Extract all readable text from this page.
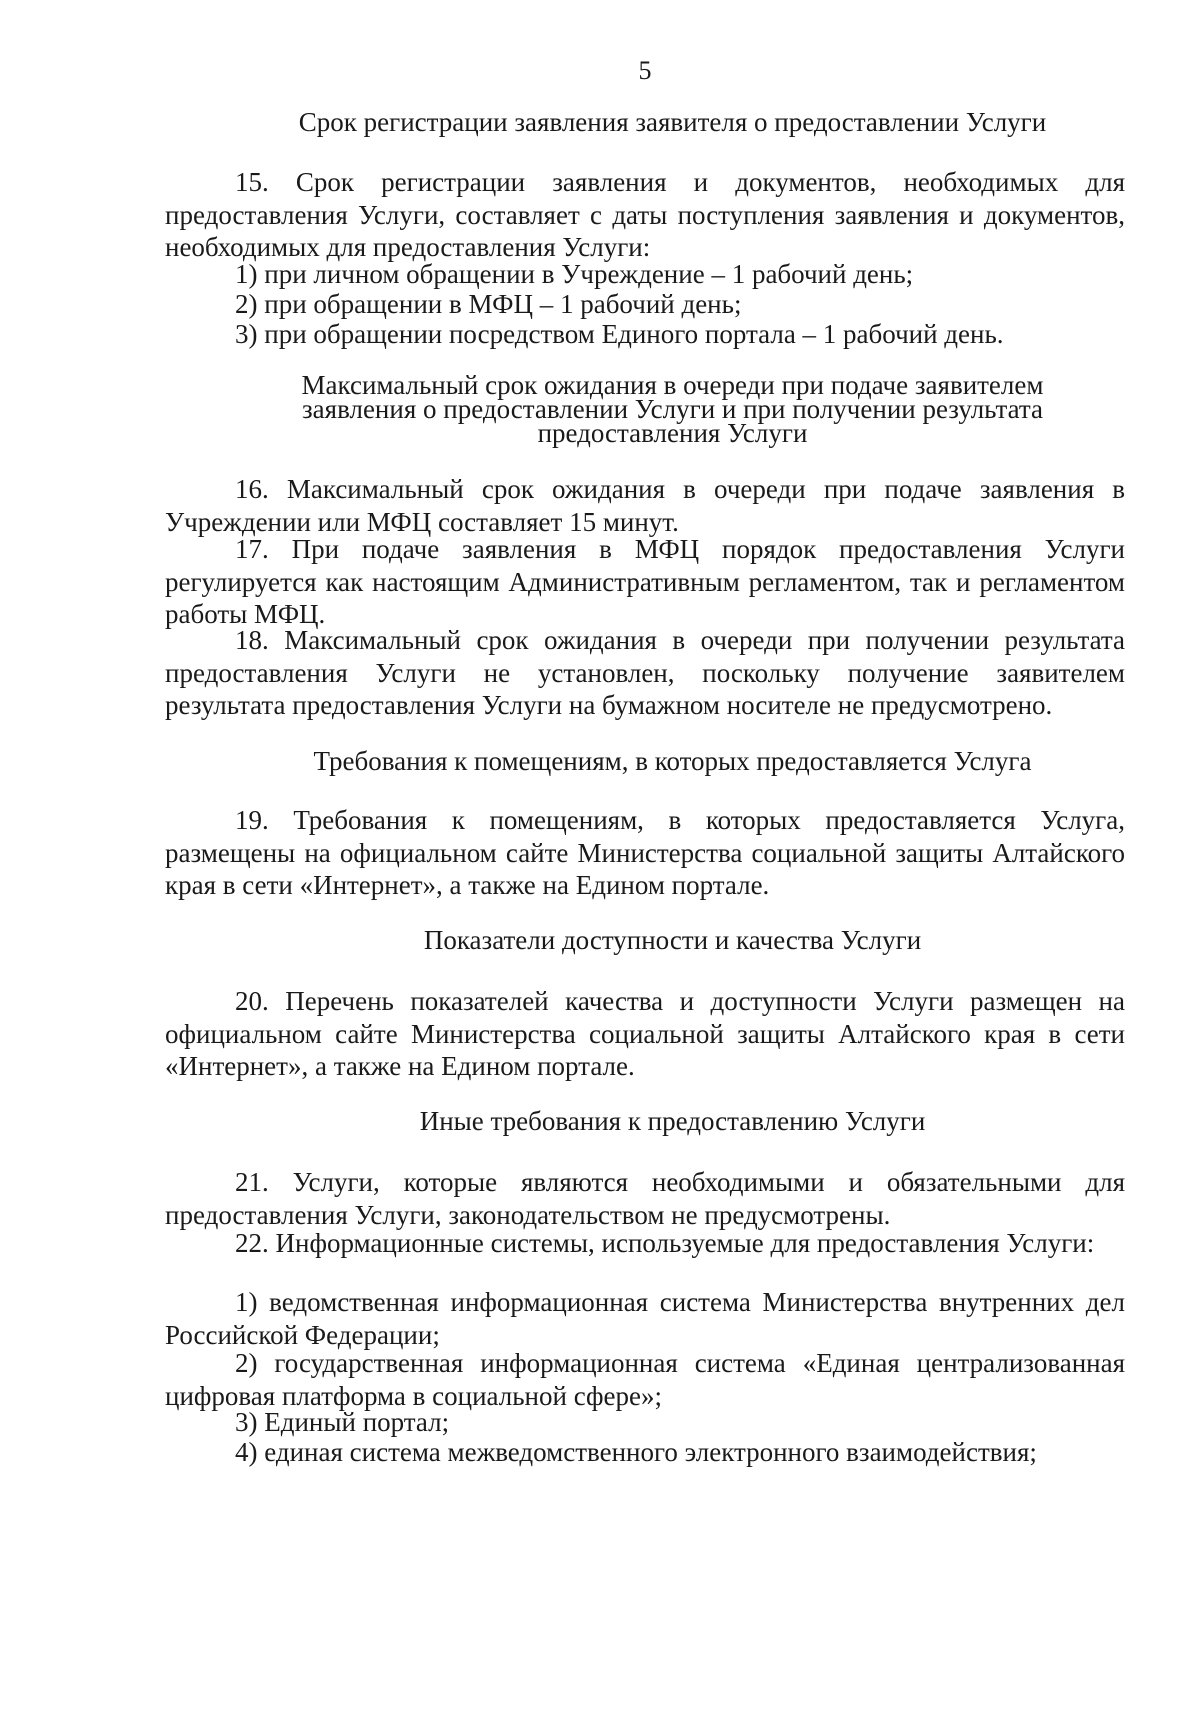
5
Срок регистрации заявления заявителя о предоставлении Услуги

15. Срок регистрации заявления и документов, необходимых для предоставления Услуги, составляет с даты поступления заявления и документов, необходимых для предоставления Услуги:

1) при личном обращении в Учреждение – 1 рабочий день;
2) при обращении в МФЦ – 1 рабочий день;
3) при обращении посредством Единого портала – 1 рабочий день.
Максимальный срок ожидания в очереди при подаче заявителем
заявления о предоставлении Услуги и при получении результата
предоставления Услуги

16. Максимальный срок ожидания в очереди при подаче заявления в Учреждении или МФЦ составляет 15 минут.

17. При подаче заявления в МФЦ порядок предоставления Услуги регулируется как настоящим Административным регламентом, так и регламентом работы МФЦ.

18. Максимальный срок ожидания в очереди при получении результата предоставления Услуги не установлен, поскольку получение заявителем результата предоставления Услуги на бумажном носителе не предусмотрено.

Требования к помещениям, в которых предоставляется Услуга

19. Требования к помещениям, в которых предоставляется Услуга, размещены на официальном сайте Министерства социальной защиты Алтайского края в сети «Интернет», а также на Едином портале.

Показатели доступности и качества Услуги

20. Перечень показателей качества и доступности Услуги размещен на официальном сайте Министерства социальной защиты Алтайского края в сети «Интернет», а также на Едином портале.

Иные требования к предоставлению Услуги

21. Услуги, которые являются необходимыми и обязательными для предоставления Услуги, законодательством не предусмотрены.

22. Информационные системы, используемые для предоставления Услуги:

1) ведомственная информационная система Министерства внутренних дел Российской Федерации;

2) государственная информационная система «Единая централизованная цифровая платформа в социальной сфере»;

3) Единый портал;
4) единая система межведомственного электронного взаимодействия;
